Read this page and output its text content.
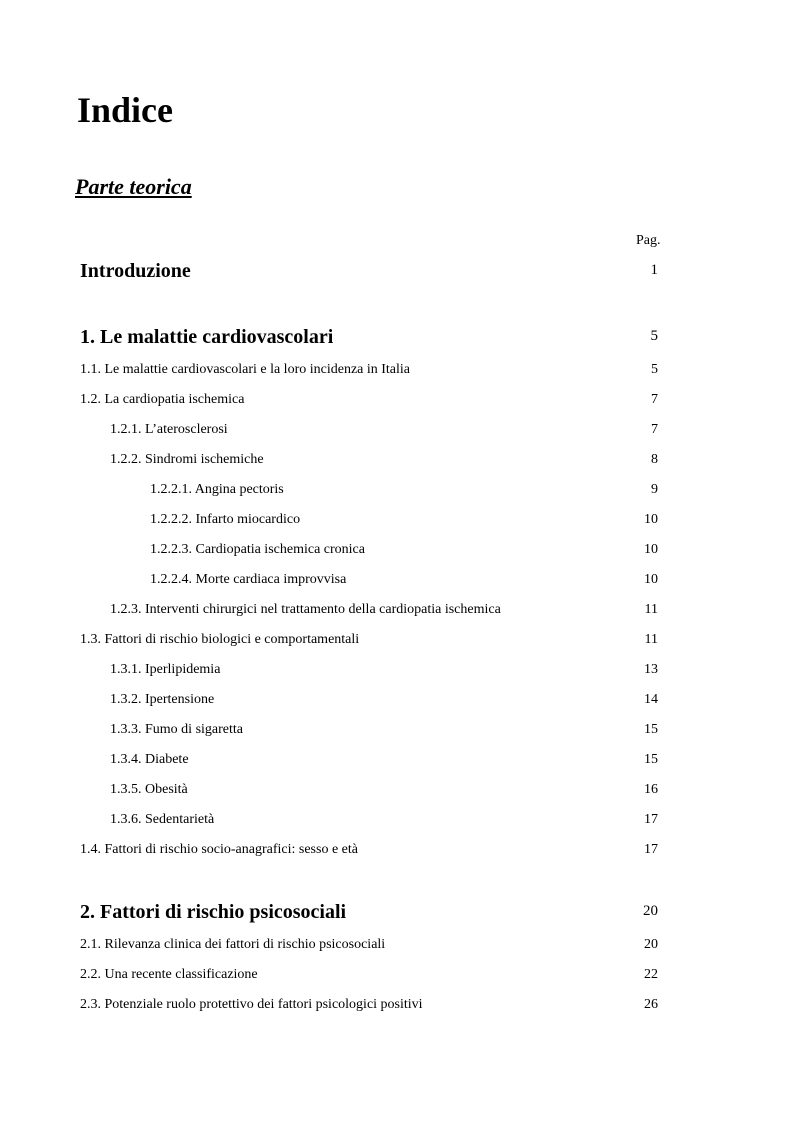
Indice
Parte teorica
Pag.
Introduzione	1
1. Le malattie cardiovascolari	5
1.1. Le malattie cardiovascolari e la loro incidenza in Italia	5
1.2. La cardiopatia ischemica	7
1.2.1. L’aterosclerosi	7
1.2.2. Sindromi ischemiche	8
1.2.2.1. Angina pectoris	9
1.2.2.2. Infarto miocardico	10
1.2.2.3. Cardiopatia ischemica cronica	10
1.2.2.4. Morte cardiaca improvvisa	10
1.2.3. Interventi chirurgici nel trattamento della cardiopatia ischemica	11
1.3. Fattori di rischio biologici e comportamentali	11
1.3.1. Iperlipidemia	13
1.3.2. Ipertensione	14
1.3.3. Fumo di sigaretta	15
1.3.4. Diabete	15
1.3.5. Obesità	16
1.3.6. Sedentarietà	17
1.4. Fattori di rischio socio-anagrafici: sesso e età	17
2. Fattori di rischio psicosociali	20
2.1. Rilevanza clinica dei fattori di rischio psicosociali	20
2.2. Una recente classificazione	22
2.3. Potenziale ruolo protettivo dei fattori psicologici positivi	26
